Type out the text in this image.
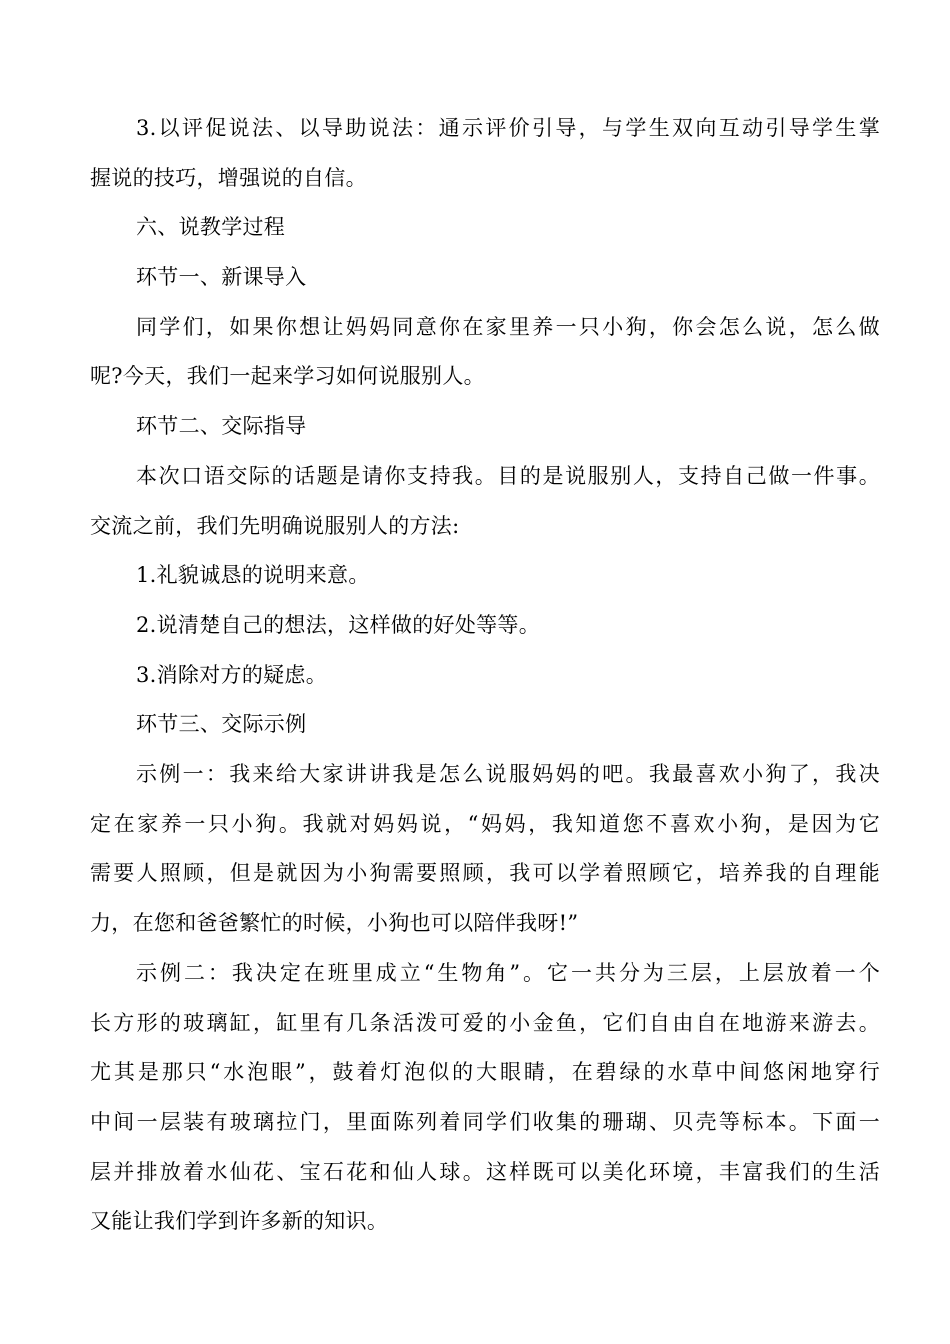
3.以评促说法、以导助说法：通示评价引导，与学生双向互动引导学生掌
握说的技巧，增强说的自信。
六、说教学过程
环节一、新课导入
同学们，如果你想让妈妈同意你在家里养一只小狗，你会怎么说，怎么做
呢?今天，我们一起来学习如何说服别人。
环节二、交际指导
本次口语交际的话题是请你支持我。目的是说服别人，支持自己做一件事。
交流之前，我们先明确说服别人的方法:
1.礼貌诚恳的说明来意。
2.说清楚自己的想法，这样做的好处等等。
3.消除对方的疑虑。
环节三、交际示例
示例一：我来给大家讲讲我是怎么说服妈妈的吧。我最喜欢小狗了，我决
定在家养一只小狗。我就对妈妈说，“妈妈，我知道您不喜欢小狗，是因为它
需要人照顾，但是就因为小狗需要照顾，我可以学着照顾它，培养我的自理能
力，在您和爸爸繁忙的时候，小狗也可以陪伴我呀!”
示例二：我决定在班里成立“生物角”。它一共分为三层，上层放着一个
长方形的玻璃缸，缸里有几条活泼可爱的小金鱼，它们自由自在地游来游去。
尤其是那只“水泡眼”，鼓着灯泡似的大眼睛，在碧绿的水草中间悠闲地穿行
中间一层装有玻璃拉门，里面陈列着同学们收集的珊瑚、贝壳等标本。下面一
层并排放着水仙花、宝石花和仙人球。这样既可以美化环境，丰富我们的生活
又能让我们学到许多新的知识。
